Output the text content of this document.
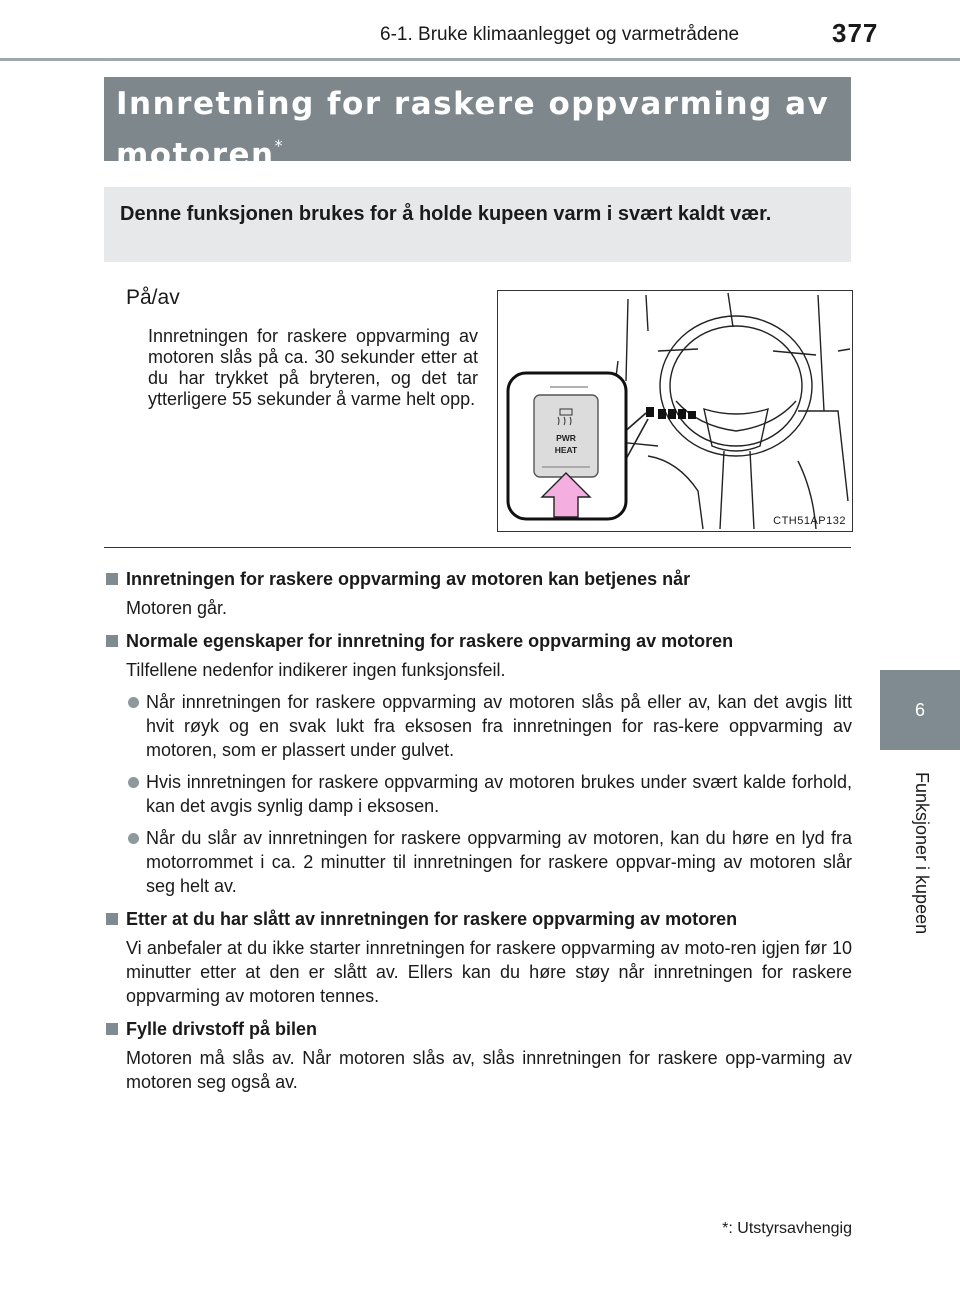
6-1. Bruke klimaanlegget og varmetrådene	377
6
Funksjoner i kupeen
Innretning for raskere oppvarming av motoren*
Denne funksjonen brukes for å holde kupeen varm i svært kaldt vær.
På/av
Innretningen for raskere oppvarming av motoren slås på ca. 30 sekunder etter at du har trykket på bryteren, og det tar ytterligere 55 sekunder å varme helt opp.
PWR
HEAT
CTH51AP132
Innretningen for raskere oppvarming av motoren kan betjenes når
Motoren går.
Normale egenskaper for innretning for raskere oppvarming av motoren
Tilfellene nedenfor indikerer ingen funksjonsfeil.
Når innretningen for raskere oppvarming av motoren slås på eller av, kan det avgis litt hvit røyk og en svak lukt fra eksosen fra innretningen for ras-kere oppvarming av motoren, som er plassert under gulvet.
Hvis innretningen for raskere oppvarming av motoren brukes under svært kalde forhold, kan det avgis synlig damp i eksosen.
Når du slår av innretningen for raskere oppvarming av motoren, kan du høre en lyd fra motorrommet i ca. 2 minutter til innretningen for raskere oppvar-ming av motoren slår seg helt av.
Etter at du har slått av innretningen for raskere oppvarming av motoren
Vi anbefaler at du ikke starter innretningen for raskere oppvarming av moto-ren igjen før 10 minutter etter at den er slått av. Ellers kan du høre støy når innretningen for raskere oppvarming av motoren tennes.
Fylle drivstoff på bilen
Motoren må slås av. Når motoren slås av, slås innretningen for raskere opp-varming av motoren seg også av.
*: Utstyrsavhengig
